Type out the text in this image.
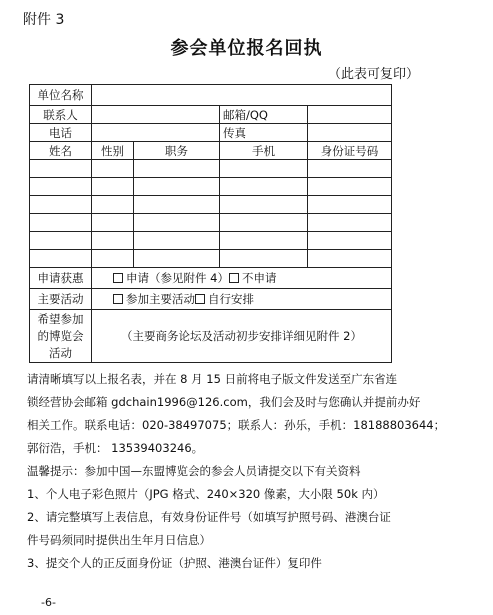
附件 3
参会单位报名回执
（此表可复印）
单位名称				
联系人			邮箱/QQ	
电话			传真	
姓名	性别	职务	手机	身份证号码

申请获惠	申请（参见附件 4） 不申请			
主要活动	参加主要活动 自行安排			

希望参加
的博览会
活动	（主要商务论坛及活动初步安排详细见附件 2）			

请清晰填写以上报名表，并在 8 月 15 日前将电子版文件发送至广东省连

锁经营协会邮箱 gdchain1996@126.com，我们会及时与您确认并提前办好

相关工作。联系电话：020-38497075；联系人：孙乐，手机：18188803644；

郭衍浩，手机： 13539403246。

温馨提示：参加中国—东盟博览会的参会人员请提交以下有关资料

1、个人电子彩色照片（JPG 格式、240×320 像素，大小限 50k 内）

2、请完整填写上表信息，有效身份证件号（如填写护照号码、港澳台证

件号码须同时提供出生年月日信息）

3、提交个人的正反面身份证（护照、港澳台证件）复印件

-6-
